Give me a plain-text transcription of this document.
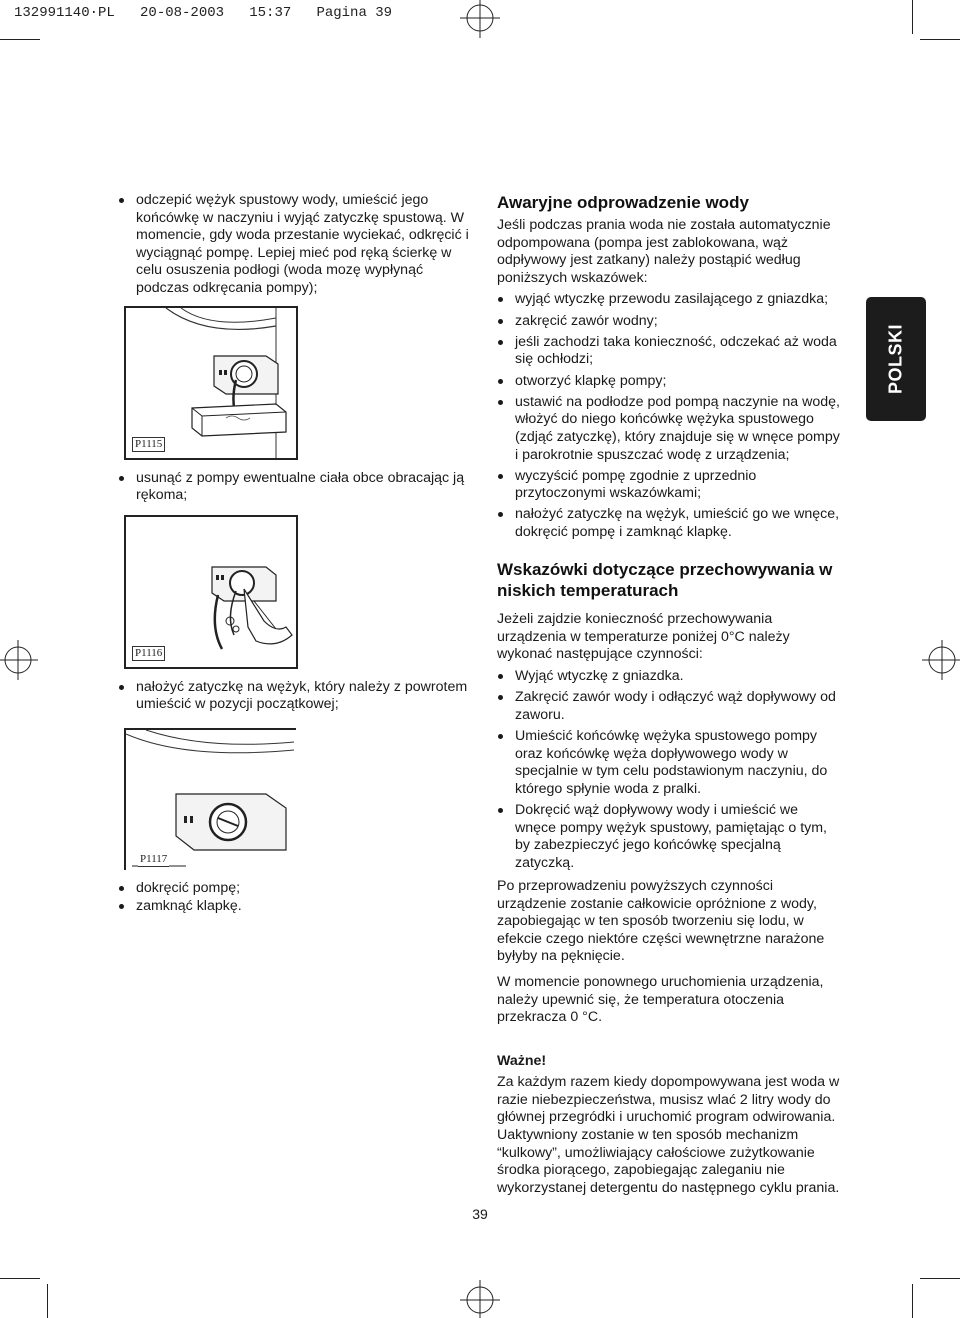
132991140·PL   20-08-2003   15:37   Pagina 39
odczepić wężyk spustowy wody, umieścić jego końcówkę w naczyniu i wyjąć zatyczkę spustową. W momencie, gdy woda przestanie wyciekać, odkręcić i wyciągnąć pompę. Lepiej mieć pod ręką ścierkę w celu osuszenia podłogi (woda mozę wypłynąć podczas odkręcania pompy);
P1115
usunąć z pompy ewentualne ciała obce obracając ją rękoma;
P1116
nałożyć zatyczkę na wężyk, który należy z powrotem umieścić w pozycji początkowej;
P1117
dokręcić pompę;
zamknąć klapkę.
Awaryjne odprowadzenie wody

Jeśli podczas prania woda nie została automatycznie odpompowana (pompa jest zablokowana, wąż odpływowy jest zatkany) należy postąpić według poniższych wskazówek:

wyjąć wtyczkę przewodu zasilającego z gniazdka;
zakręcić zawór wodny;
jeśli zachodzi taka konieczność, odczekać aż woda się ochłodzi;
otworzyć klapkę pompy;
ustawić na podłodze pod pompą naczynie na wodę, włożyć do niego końcówkę wężyka spustowego (zdjąć zatyczkę), który znajduje się w wnęce pompy i parokrotnie spuszczać wodę z urządzenia;
wyczyścić pompę zgodnie z uprzednio przytoczonymi wskazówkami;
nałożyć zatyczkę na wężyk, umieścić go we wnęce, dokręcić pompę i zamknąć klapkę.
Wskazówki dotyczące przechowywania w niskich temperaturach

Jeżeli zajdzie konieczność przechowywania urządzenia w temperaturze poniżej 0°C należy wykonać następujące czynności:

Wyjąć wtyczkę z gniazdka.
Zakręcić zawór wody i odłączyć wąż dopływowy od zaworu.
Umieścić końcówkę wężyka spustowego pompy oraz końcówkę węża dopływowego wody w specjalnie w tym celu podstawionym naczyniu, do którego spłynie woda z pralki.
Dokręcić wąż dopływowy wody i umieścić we wnęce pompy wężyk spustowy, pamiętając o tym, by zabezpieczyć jego końcówkę specjalną zatyczką.

Po przeprowadzeniu powyższych czynności urządzenie zostanie całkowicie opróżnione z wody, zapobiegając w ten sposób tworzeniu się lodu, w efekcie czego niektóre części wewnętrzne narażone byłyby na pęknięcie.

W momencie ponownego uruchomienia urządzenia, należy upewnić się, że temperatura otoczenia przekracza 0 °C.

Ważne!

Za każdym razem kiedy dopompowywana jest woda w razie niebezpieczeństwa, musisz wlać 2 litry wody do głównej przegródki i uruchomić program odwirowania.

Uaktywniony zostanie w ten sposób mechanizm “kulkowy”, umożliwiający całościowe zużytkowanie środka piorącego, zapobiegając zaleganiu nie wykorzystanej detergentu do następnego cyklu prania.

POLSKI
39
